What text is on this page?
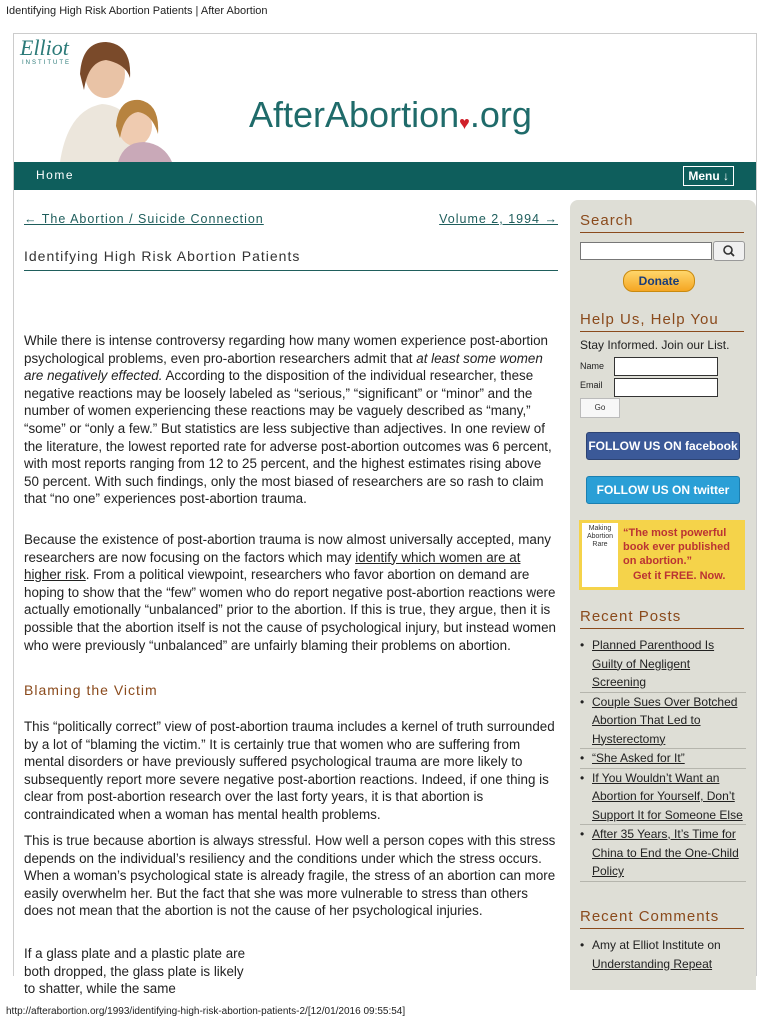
Identifying High Risk Abortion Patients | After Abortion
Elliot
INSTITUTE
AfterAbortion♥.org
Home	Menu ↓
← The Abortion / Suicide Connection	Volume 2, 1994 →
Identifying High Risk Abortion Patients

While there is intense controversy regarding how many women experience post-abortion psychological problems, even pro-abortion researchers admit that at least some women are negatively effected. According to the disposition of the individual researcher, these negative reactions may be loosely labeled as “serious,” “significant” or “minor” and the number of women experiencing these reactions may be vaguely described as “many,” “some” or “only a few.” But statistics are less subjective than adjectives. In one review of the literature, the lowest reported rate for adverse post-abortion outcomes was 6 percent, with most reports ranging from 12 to 25 percent, and the highest estimates rising above 50 percent. With such findings, only the most biased of researchers are so rash to claim that “no one” experiences post-abortion trauma.

Because the existence of post-abortion trauma is now almost universally accepted, many researchers are now focusing on the factors which may identify which women are at higher risk. From a political viewpoint, researchers who favor abortion on demand are hoping to show that the “few” women who do report negative post-abortion reactions were actually emotionally “unbalanced” prior to the abortion. If this is true, they argue, then it is possible that the abortion itself is not the cause of psychological injury, but instead women who were previously “unbalanced” are unfairly blaming their problems on abortion.

Blaming the Victim

This “politically correct” view of post-abortion trauma includes a kernel of truth surrounded by a lot of “blaming the victim.” It is certainly true that women who are suffering from mental disorders or have previously suffered psychological trauma are more likely to subsequently report more severe negative post-abortion reactions. Indeed, if one thing is clear from post-abortion research over the last forty years, it is that abortion is contraindicated when a woman has mental health problems.

This is true because abortion is always stressful. How well a person copes with this stress depends on the individual’s resiliency and the conditions under which the stress occurs. When a woman’s psychological state is already fragile, the stress of an abortion can more easily overwhelm her. But the fact that she was more vulnerable to stress than others does not mean that the abortion is not the cause of her psychological injuries.

If a glass plate and a plastic plate are both dropped, the glass plate is likely to shatter, while the same

Search
Donate
Help Us, Help You
Stay Informed. Join our List.
Name
Email
Go
FOLLOW US ON facebook
FOLLOW US ON twitter
Making Abortion Rare
“The most powerful book ever published on abortion.”
Get it FREE. Now.
Recent Posts
• Planned Parenthood Is Guilty of Negligent Screening
• Couple Sues Over Botched Abortion That Led to Hysterectomy
• “She Asked for It”
• If You Wouldn’t Want an Abortion for Yourself, Don’t Support It for Someone Else
• After 35 Years, It’s Time for China to End the One-Child Policy
Recent Comments
• Amy at Elliot Institute on Understanding Repeat
http://afterabortion.org/1993/identifying-high-risk-abortion-patients-2/[12/01/2016 09:55:54]
